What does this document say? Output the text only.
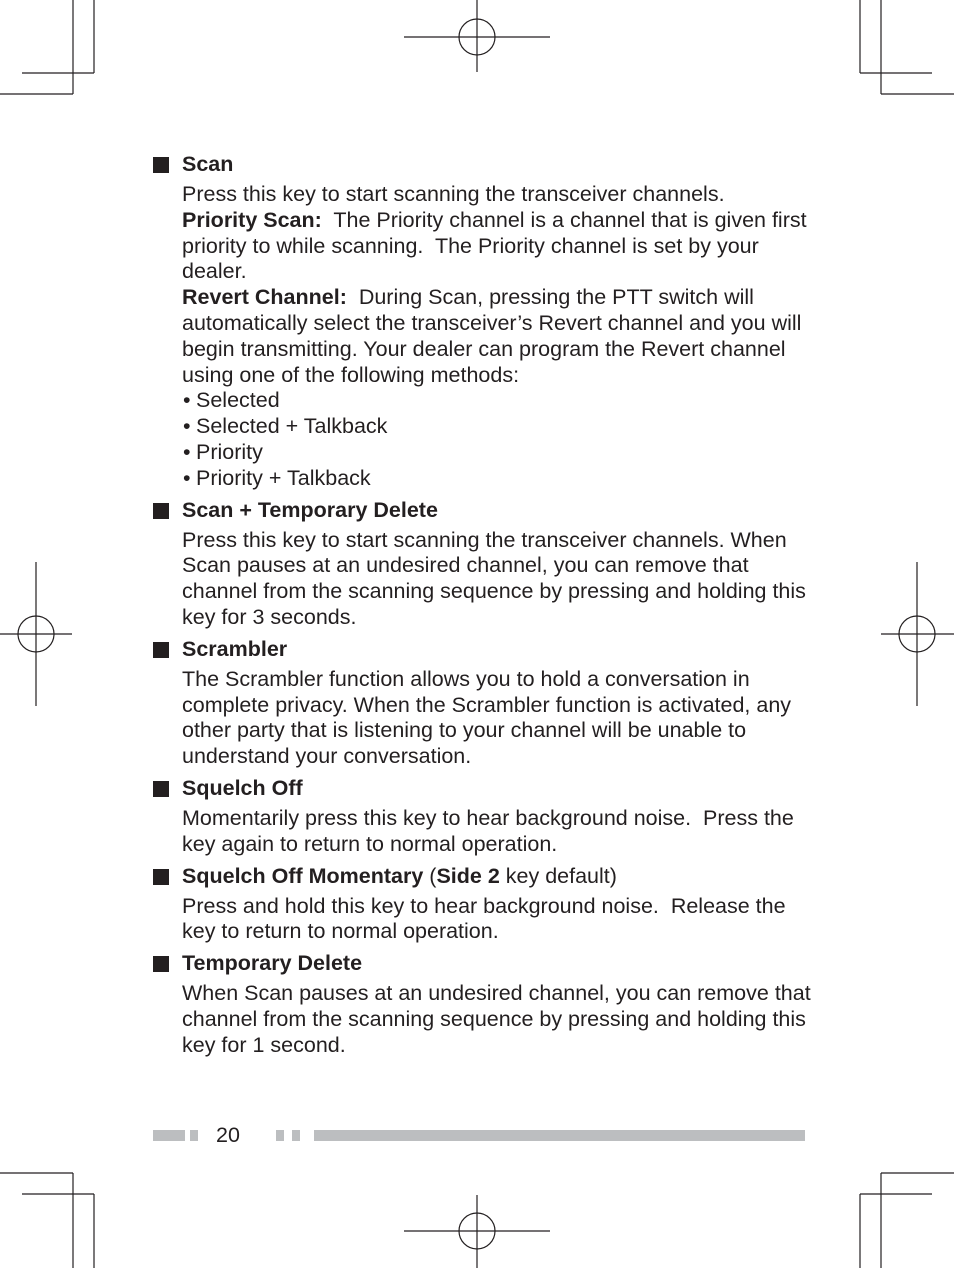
Scan

Press this key to start scanning the transceiver channels.

Priority Scan:  The Priority channel is a channel that is given first priority to while scanning.  The Priority channel is set by your dealer.

Revert Channel:  During Scan, pressing the PTT switch will automatically select the transceiver’s Revert channel and you will begin transmitting. Your dealer can program the Revert channel using one of the following methods:

• Selected
• Selected + Talkback
• Priority
• Priority + Talkback
Scan + Temporary Delete

Press this key to start scanning the transceiver channels. When Scan pauses at an undesired channel, you can remove that channel from the scanning sequence by pressing and holding this key for 3 seconds.

Scrambler

The Scrambler function allows you to hold a conversation in complete privacy. When the Scrambler function is activated, any other party that is listening to your channel will be unable to understand your conversation.

Squelch Off

Momentarily press this key to hear background noise.  Press the key again to return to normal operation.

Squelch Off Momentary (Side 2 key default)

Press and hold this key to hear background noise.  Release the key to return to normal operation.

Temporary Delete

When Scan pauses at an undesired channel, you can remove that channel from the scanning sequence by pressing and holding this key for 1 second.

20
